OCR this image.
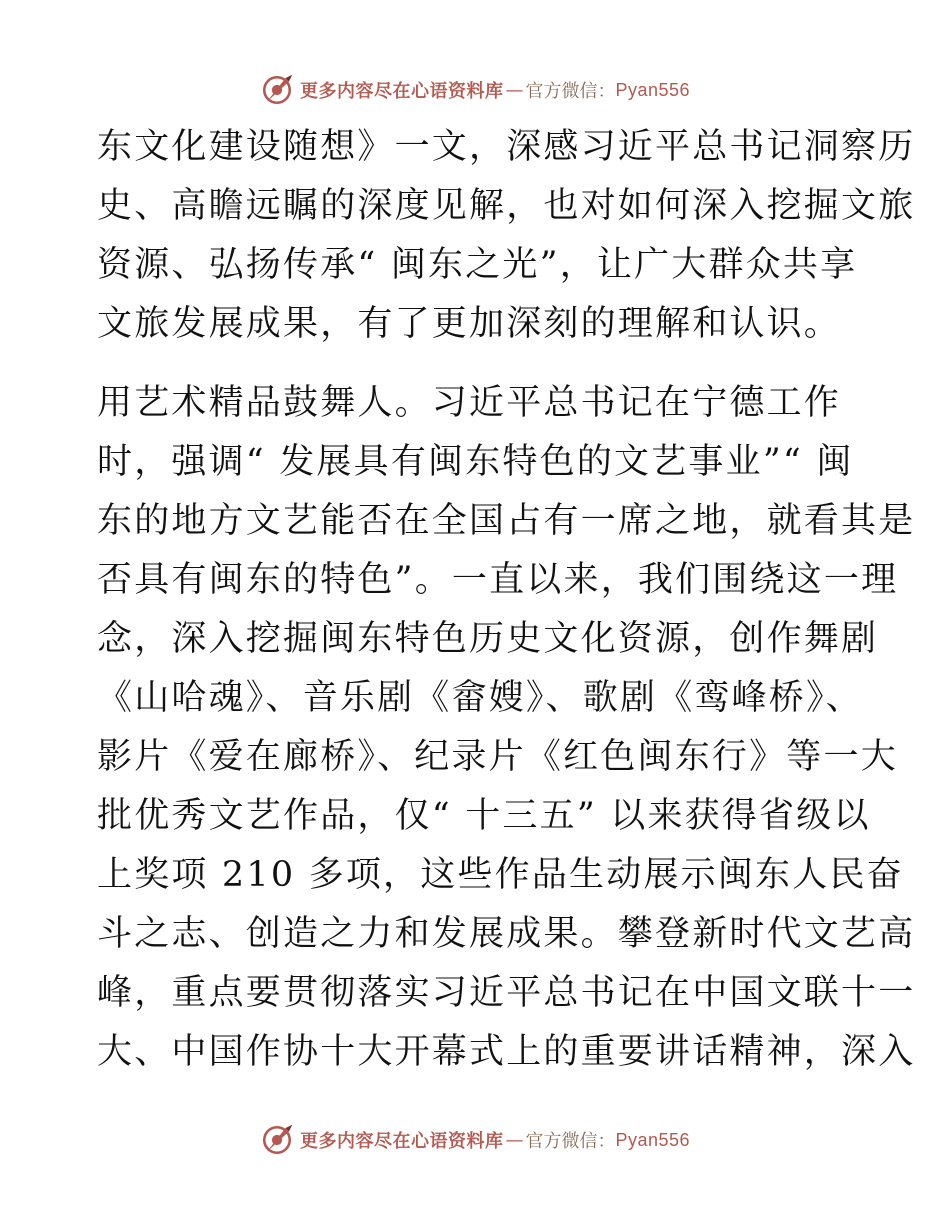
更多内容尽在心语资料库 — 官方微信： Pyan556
东文化建设随想》一文，深感习近平总书记洞察历
史、高瞻远瞩的深度见解，也对如何深入挖掘文旅
资源、弘扬传承“ 闽东之光”，让广大群众共享
文旅发展成果，有了更加深刻的理解和认识。
用艺术精品鼓舞人。习近平总书记在宁德工作
时，强调“ 发展具有闽东特色的文艺事业”“ 闽
东的地方文艺能否在全国占有一席之地，就看其是
否具有闽东的特色”。一直以来，我们围绕这一理
念，深入挖掘闽东特色历史文化资源，创作舞剧
《山哈魂》、音乐剧《畲嫂》、歌剧《鸾峰桥》、
影片《爱在廊桥》、纪录片《红色闽东行》等一大
批优秀文艺作品，仅“ 十三五” 以来获得省级以
上奖项 210 多项，这些作品生动展示闽东人民奋
斗之志、创造之力和发展成果。攀登新时代文艺高
峰，重点要贯彻落实习近平总书记在中国文联十一
大、中国作协十大开幕式上的重要讲话精神，深入
更多内容尽在心语资料库 — 官方微信： Pyan556
